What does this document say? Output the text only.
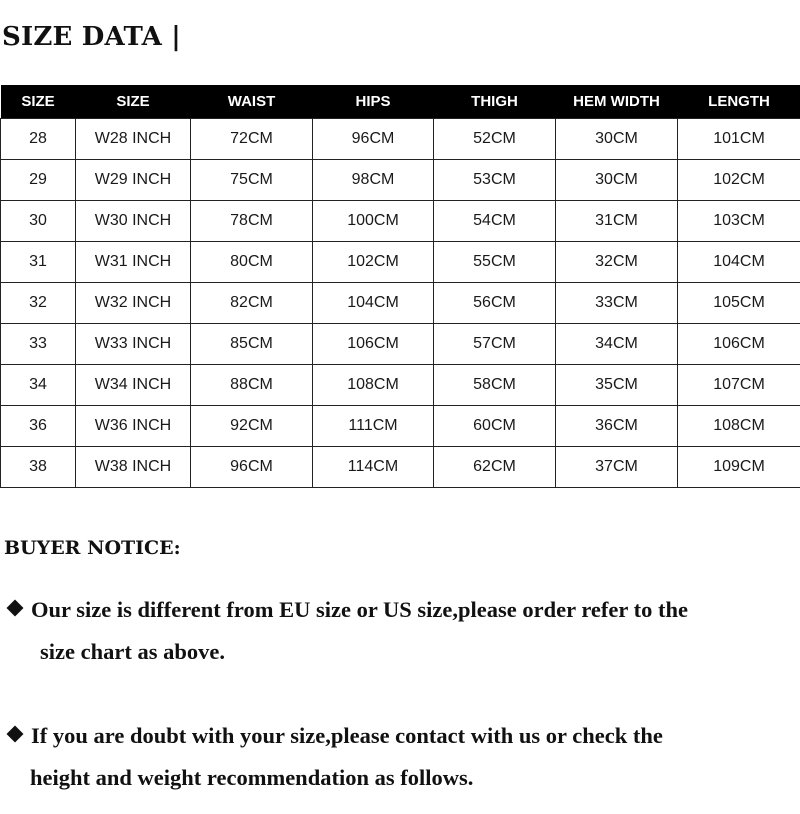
SIZE DATA |
SIZE	SIZE	WAIST	HIPS	THIGH	HEM WIDTH	LENGTH
28	W28 INCH	72CM	96CM	52CM	30CM	101CM
29	W29 INCH	75CM	98CM	53CM	30CM	102CM
30	W30 INCH	78CM	100CM	54CM	31CM	103CM
31	W31 INCH	80CM	102CM	55CM	32CM	104CM
32	W32 INCH	82CM	104CM	56CM	33CM	105CM
33	W33 INCH	85CM	106CM	57CM	34CM	106CM
34	W34 INCH	88CM	108CM	58CM	35CM	107CM
36	W36 INCH	92CM	111CM	60CM	36CM	108CM
38	W38 INCH	96CM	114CM	62CM	37CM	109CM
BUYER NOTICE:
Our size is different from EU size or US size,please order refer to the
size chart as above.
If you are doubt with your size,please contact with us or check the
height and weight recommendation as follows.
